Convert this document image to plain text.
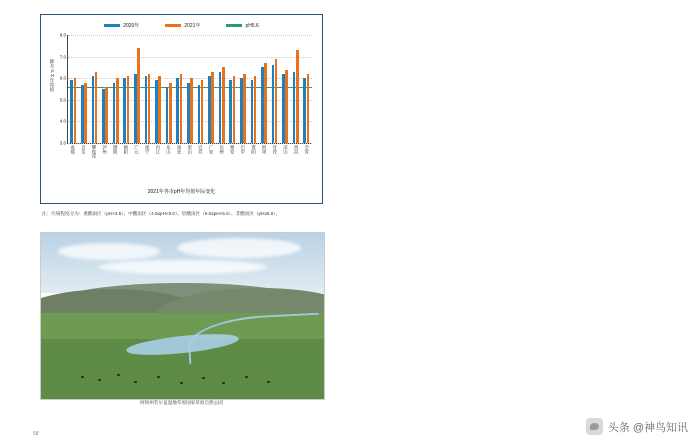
2020年	2021年	pH5.6
降水pH年均值
8.0
7.0
6.0
5.0
4.0
3.0
成都 自贡 攀枝花 泸州 德阳 绵阳 广元 遂宁 内江 乐山 南充 眉山 宜宾 广安 达州 雅安 巴中 资阳 阿坝 甘孜 凉山 西昌 全省
2021年各市pH年均值年际变化
注：污染程度分为：重酸雨区（pH<4.5）、中酸雨区（4.5≤pH<5.0）、轻酸雨区（5.0≤pH<5.6）、非酸雨区（pH≥5.6）。
阿坝州若尔盖湿地草原国家草原自然公园
58
头条 @神鸟知讯
